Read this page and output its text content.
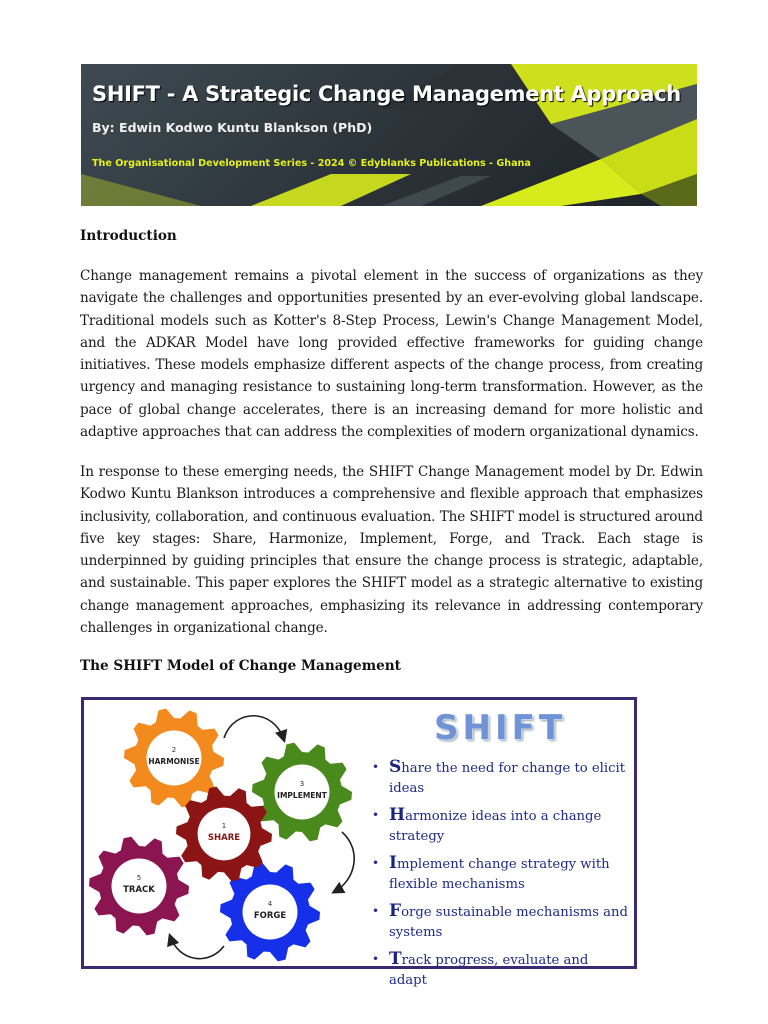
SHIFT - A Strategic Change Management Approach

By: Edwin Kodwo Kuntu Blankson (PhD)

The Organisational Development Series - 2024 © Edyblanks Publications - Ghana

Introduction

Change management remains a pivotal element in the success of organizations as they navigate the challenges and opportunities presented by an ever-evolving global landscape. Traditional models such as Kotter's 8-Step Process, Lewin's Change Management Model, and the ADKAR Model have long provided effective frameworks for guiding change initiatives. These models emphasize different aspects of the change process, from creating urgency and managing resistance to sustaining long-term transformation. However, as the pace of global change accelerates, there is an increasing demand for more holistic and adaptive approaches that can address the complexities of modern organizational dynamics.

In response to these emerging needs, the SHIFT Change Management model by Dr. Edwin Kodwo Kuntu Blankson introduces a comprehensive and flexible approach that emphasizes inclusivity, collaboration, and continuous evaluation. The SHIFT model is structured around five key stages: Share, Harmonize, Implement, Forge, and Track. Each stage is underpinned by guiding principles that ensure the change process is strategic, adaptable, and sustainable. This paper explores the SHIFT model as a strategic alternative to existing change management approaches, emphasizing its relevance in addressing contemporary challenges in organizational change.

The SHIFT Model of Change Management
2
HARMONISE
3
IMPLEMENT
5
TRACK
4
FORGE
1
SHARE
SHIFT
• Share the need for change to elicit ideas
• Harmonize ideas into a change strategy
• Implement change strategy with flexible mechanisms
• Forge sustainable mechanisms and systems
• Track progress, evaluate and adapt
